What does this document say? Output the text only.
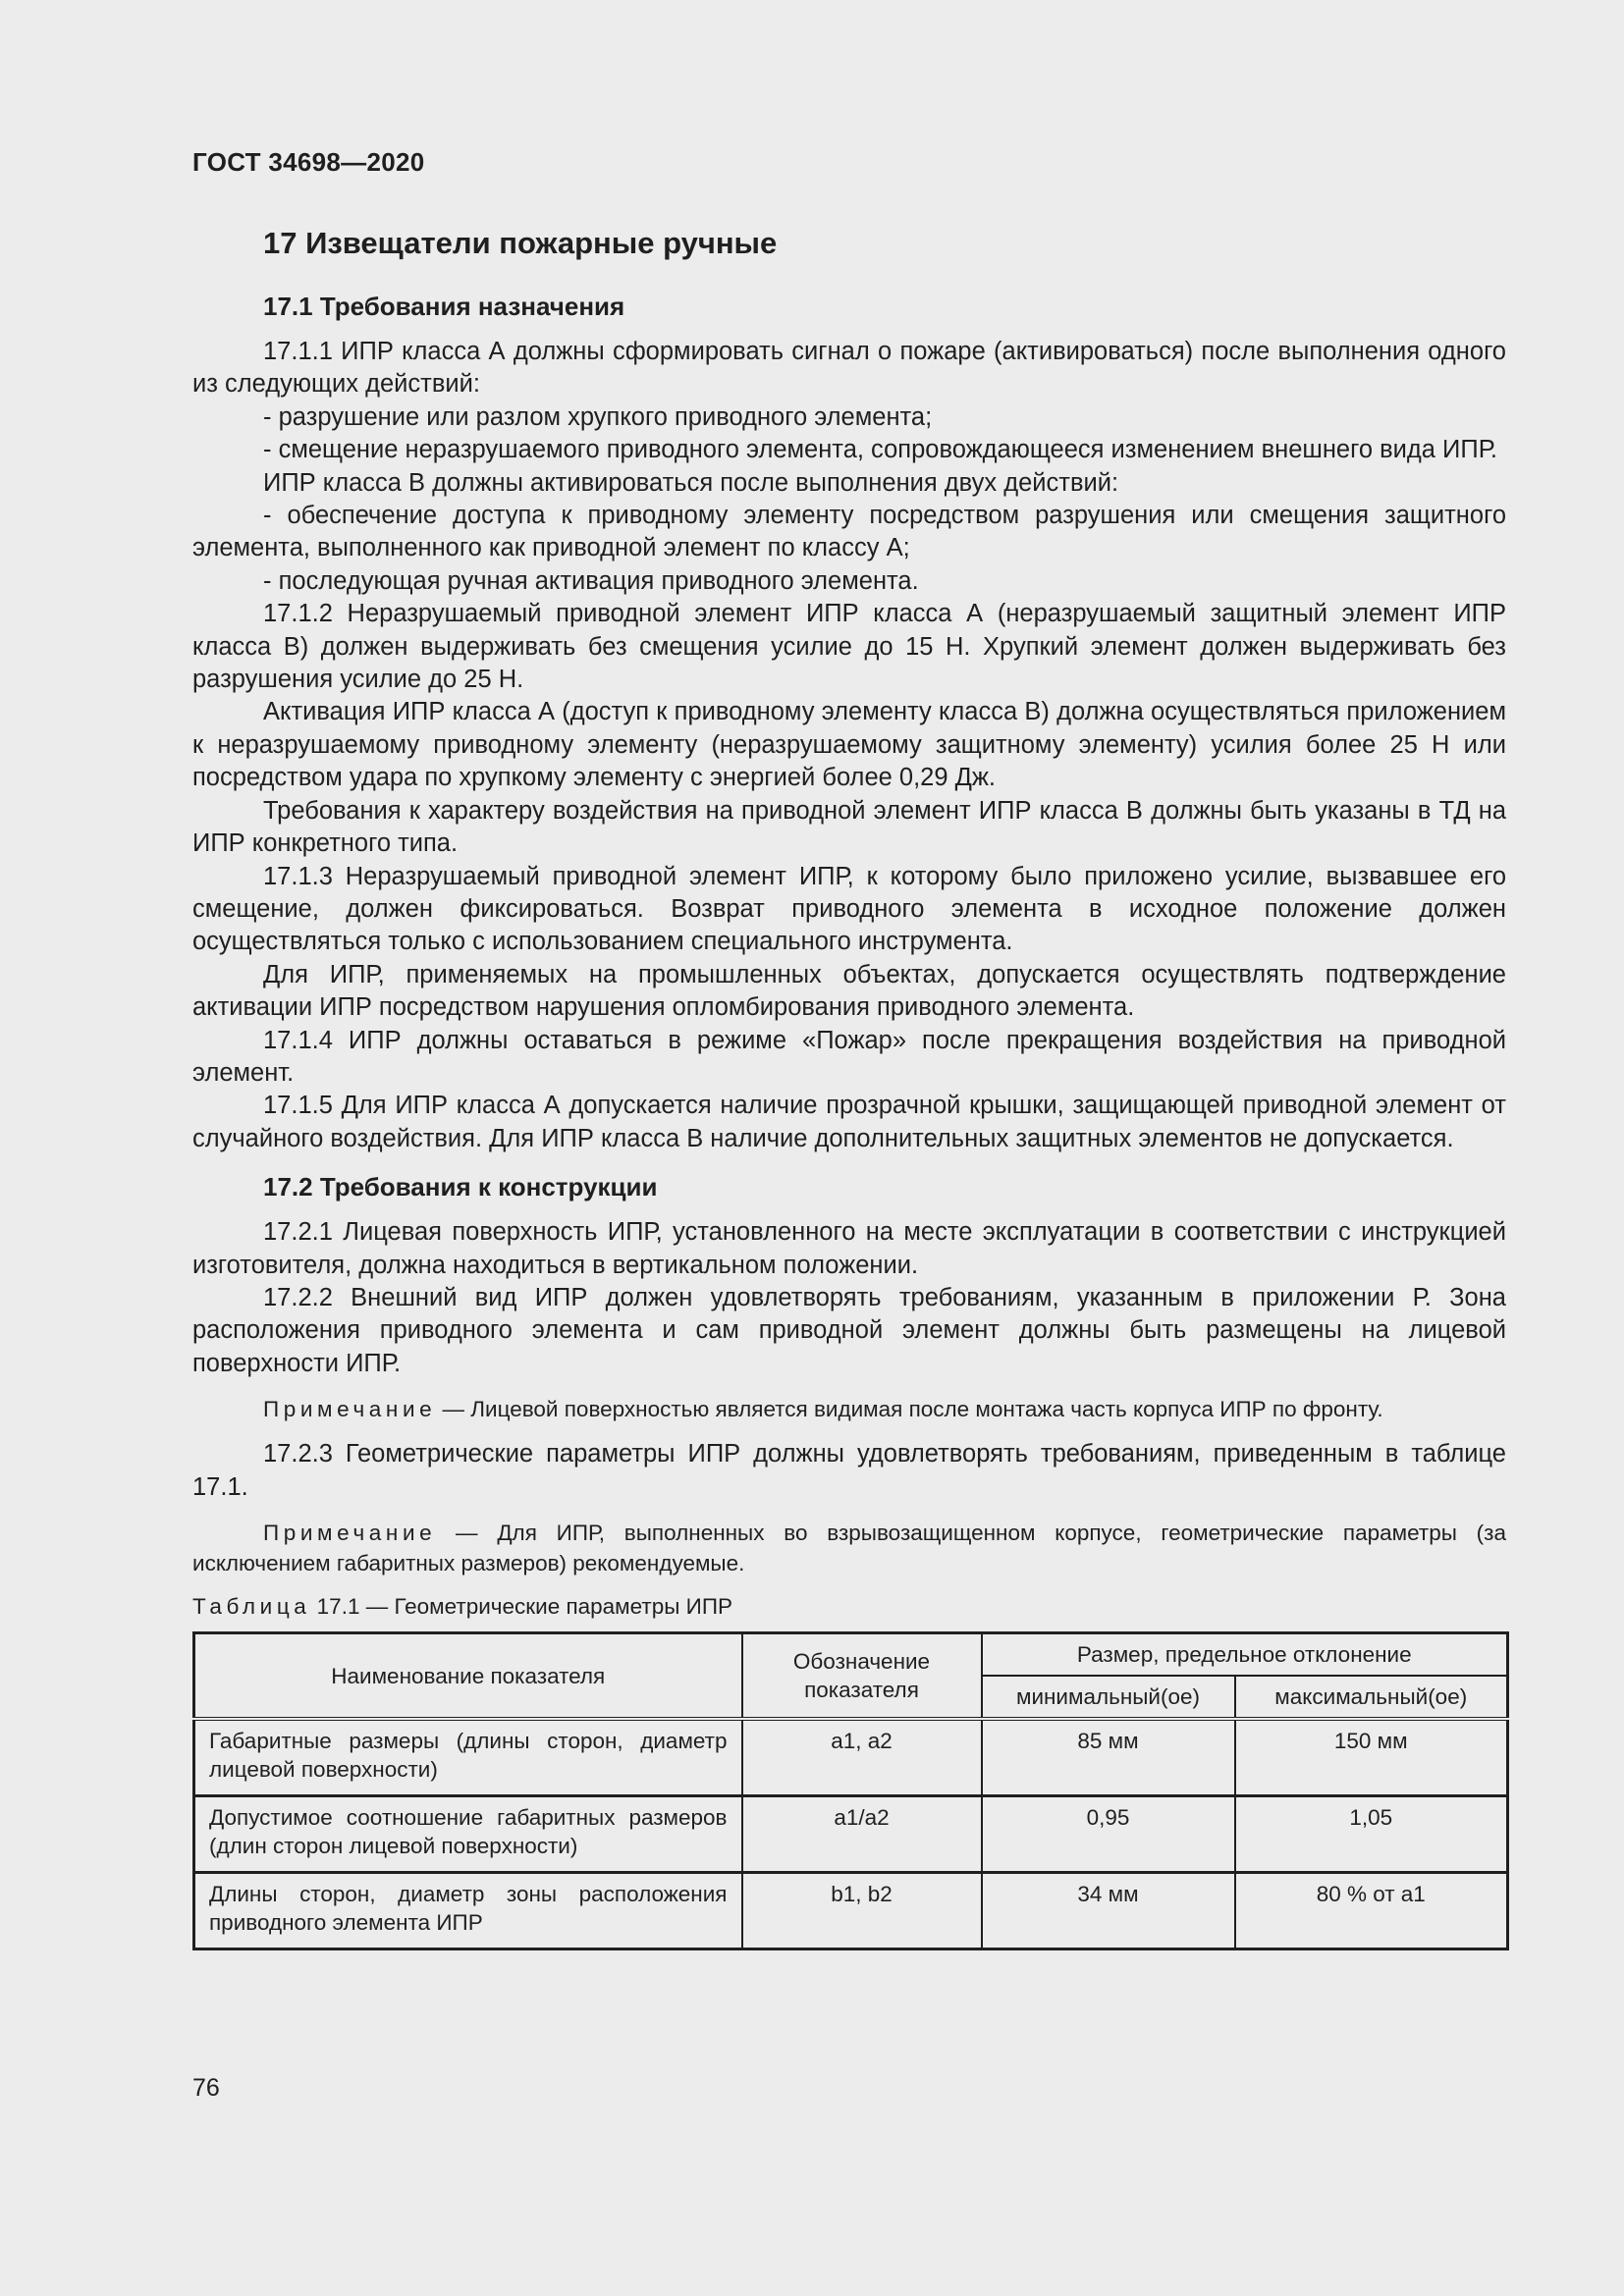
ГОСТ 34698—2020
17 Извещатели пожарные ручные
17.1 Требования назначения

17.1.1 ИПР класса А должны сформировать сигнал о пожаре (активироваться) после выполнения одного из следующих действий:

- разрушение или разлом хрупкого приводного элемента;

- смещение неразрушаемого приводного элемента, сопровождающееся изменением внешнего вида ИПР.

ИПР класса В должны активироваться после выполнения двух действий:

- обеспечение доступа к приводному элементу посредством разрушения или смещения защитного элемента, выполненного как приводной элемент по классу А;

- последующая ручная активация приводного элемента.

17.1.2 Неразрушаемый приводной элемент ИПР класса А (неразрушаемый защитный элемент ИПР класса В) должен выдерживать без смещения усилие до 15 Н. Хрупкий элемент должен выдерживать без разрушения усилие до 25 Н.

Активация ИПР класса А (доступ к приводному элементу класса В) должна осуществляться приложением к неразрушаемому приводному элементу (неразрушаемому защитному элементу) усилия более 25 Н или посредством удара по хрупкому элементу с энергией более 0,29 Дж.

Требования к характеру воздействия на приводной элемент ИПР класса В должны быть указаны в ТД на ИПР конкретного типа.

17.1.3 Неразрушаемый приводной элемент ИПР, к которому было приложено усилие, вызвавшее его смещение, должен фиксироваться. Возврат приводного элемента в исходное положение должен осуществляться только с использованием специального инструмента.

Для ИПР, применяемых на промышленных объектах, допускается осуществлять подтверждение активации ИПР посредством нарушения опломбирования приводного элемента.

17.1.4 ИПР должны оставаться в режиме «Пожар» после прекращения воздействия на приводной элемент.

17.1.5 Для ИПР класса А допускается наличие прозрачной крышки, защищающей приводной элемент от случайного воздействия. Для ИПР класса В наличие дополнительных защитных элементов не допускается.

17.2 Требования к конструкции

17.2.1 Лицевая поверхность ИПР, установленного на месте эксплуатации в соответствии с инструкцией изготовителя, должна находиться в вертикальном положении.

17.2.2 Внешний вид ИПР должен удовлетворять требованиям, указанным в приложении Р. Зона расположения приводного элемента и сам приводной элемент должны быть размещены на лицевой поверхности ИПР.

Примечание — Лицевой поверхностью является видимая после монтажа часть корпуса ИПР по фронту.

17.2.3 Геометрические параметры ИПР должны удовлетворять требованиям, приведенным в таблице 17.1.

Примечание — Для ИПР, выполненных во взрывозащищенном корпусе, геометрические параметры (за исключением габаритных размеров) рекомендуемые.

Таблица 17.1 — Геометрические параметры ИПР
Наименование показателя	Обозначение показателя	Размер, предельное отклонение	
		минимальный(ое)	максимальный(ое)
Габаритные размеры (длины сторон, диаметр лицевой поверхности)	a1, a2	85 мм	150 мм
Допустимое соотношение габаритных размеров (длин сторон лицевой поверхности)	a1/a2	0,95	1,05
Длины сторон, диаметр зоны расположения приводного элемента ИПР	b1, b2	34 мм	80 % от a1
76
